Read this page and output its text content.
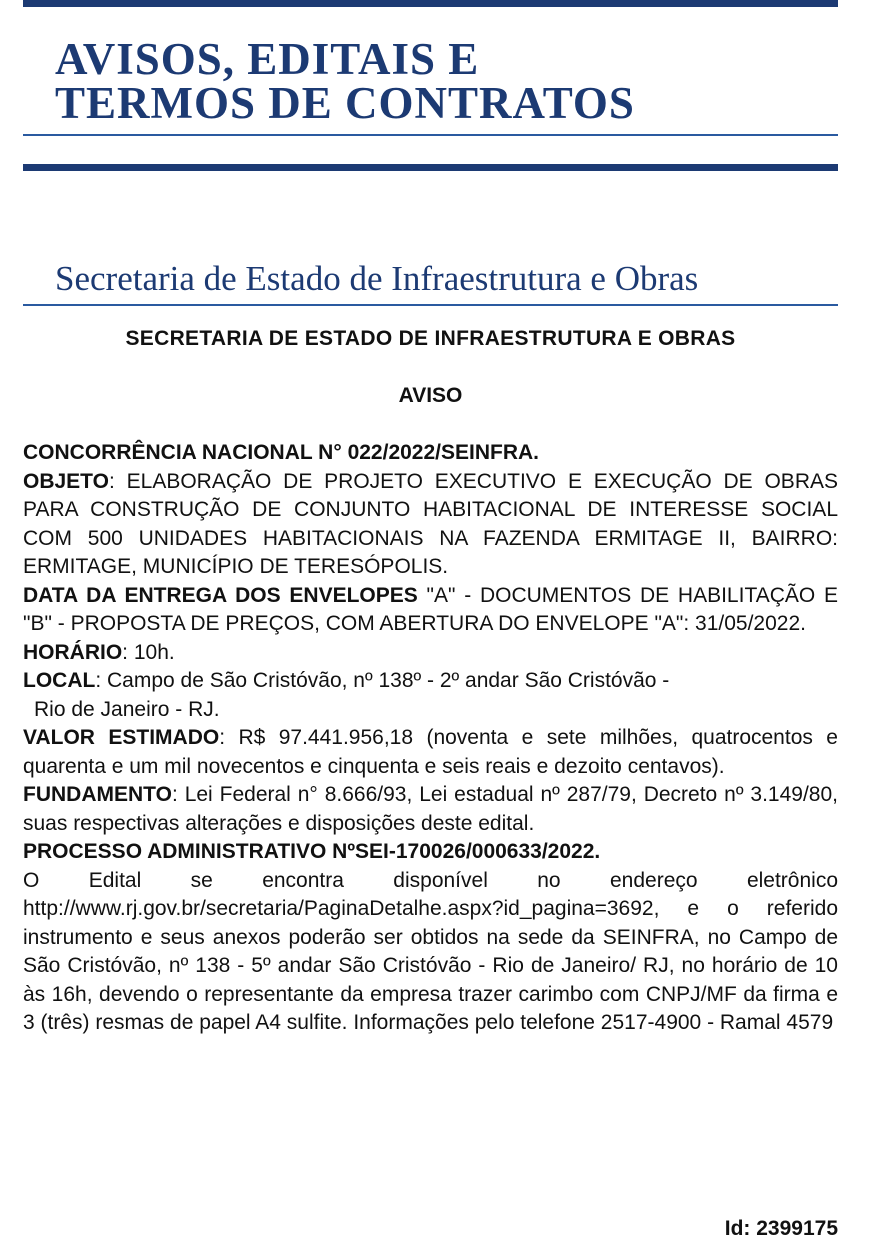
AVISOS, EDITAIS E
TERMOS DE CONTRATOS
Secretaria de Estado de Infraestrutura e Obras
SECRETARIA DE ESTADO DE INFRAESTRUTURA E OBRAS
AVISO

CONCORRÊNCIA NACIONAL N° 022/2022/SEINFRA.

OBJETO: ELABORAÇÃO DE PROJETO EXECUTIVO E EXECUÇÃO DE OBRAS PARA CONSTRUÇÃO DE CONJUNTO HABITACIONAL DE INTERESSE SOCIAL COM 500 UNIDADES HABITACIONAIS NA FAZENDA ERMITAGE II, BAIRRO: ERMITAGE, MUNICÍPIO DE TERESÓPOLIS.

DATA DA ENTREGA DOS ENVELOPES "A" - DOCUMENTOS DE HABILITAÇÃO E "B" - PROPOSTA DE PREÇOS, COM ABERTURA DO ENVELOPE "A": 31/05/2022.

HORÁRIO: 10h.

LOCAL: Campo de São Cristóvão, nº 138º - 2º andar São Cristóvão -

Rio de Janeiro - RJ.

VALOR ESTIMADO: R$ 97.441.956,18 (noventa e sete milhões, quatrocentos e quarenta e um mil novecentos e cinquenta e seis reais e dezoito centavos).

FUNDAMENTO: Lei Federal n° 8.666/93, Lei estadual nº 287/79, Decreto nº 3.149/80, suas respectivas alterações e disposições deste edital.

PROCESSO ADMINISTRATIVO NºSEI-170026/000633/2022.

O Edital se encontra disponível no endereço eletrônico http://www.rj.gov.br/secretaria/PaginaDetalhe.aspx?id_pagina=3692, e o referido instrumento e seus anexos poderão ser obtidos na sede da SEINFRA, no Campo de São Cristóvão, nº 138 - 5º andar São Cristóvão - Rio de Janeiro/ RJ, no horário de 10 às 16h, devendo o representante da empresa trazer carimbo com CNPJ/MF da firma e 3 (três) resmas de papel A4 sulfite. Informações pelo telefone 2517-4900 - Ramal 4579

Id: 2399175
